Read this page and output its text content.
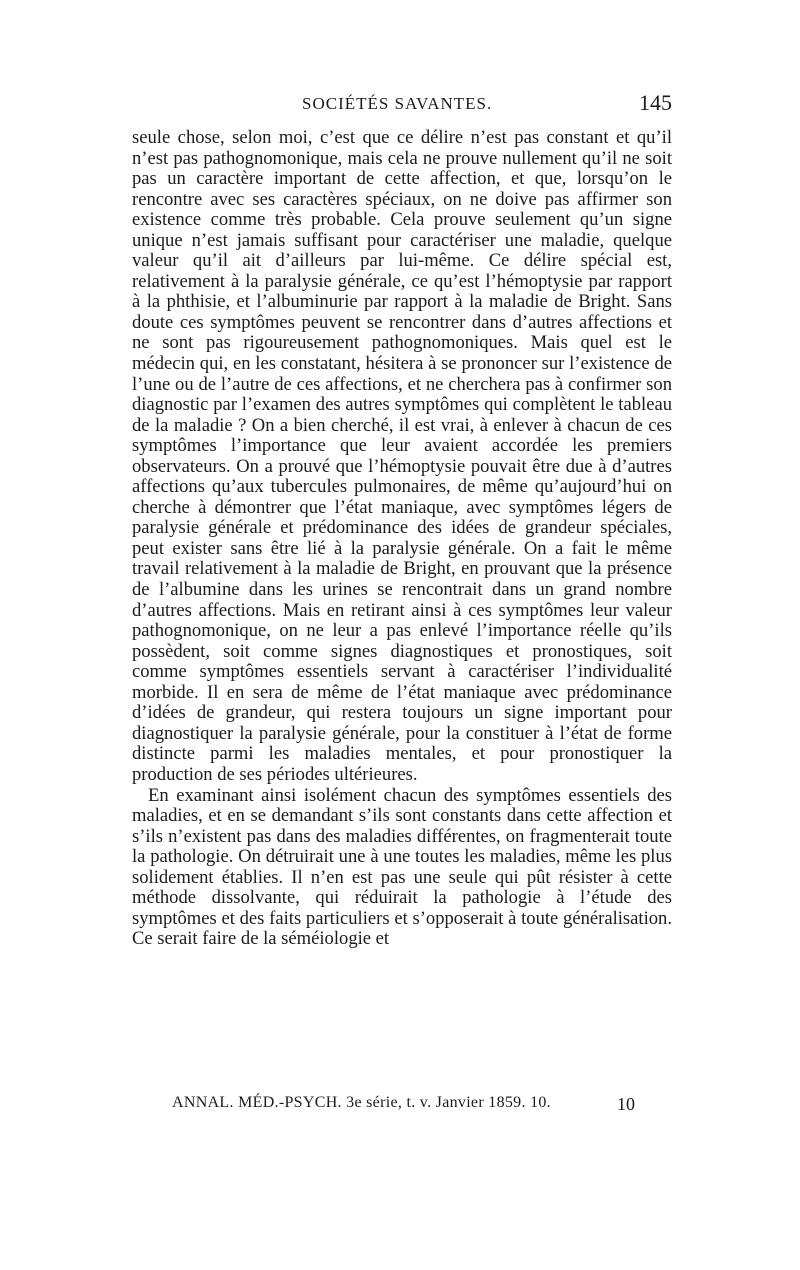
SOCIÉTÉS SAVANTES.	145

seule chose, selon moi, c’est que ce délire n’est pas constant et qu’il n’est pas pathognomonique, mais cela ne prouve nullement qu’il ne soit pas un caractère important de cette affection, et que, lorsqu’on le rencontre avec ses caractères spéciaux, on ne doive pas affirmer son existence comme très probable. Cela prouve seulement qu’un signe unique n’est jamais suffisant pour caractériser une maladie, quelque valeur qu’il ait d’ailleurs par lui-même. Ce délire spécial est, relativement à la paralysie générale, ce qu’est l’hémoptysie par rapport à la phthisie, et l’albuminurie par rapport à la maladie de Bright. Sans doute ces symptômes peuvent se rencontrer dans d’autres affections et ne sont pas rigoureusement pathognomoniques. Mais quel est le médecin qui, en les constatant, hésitera à se prononcer sur l’existence de l’une ou de l’autre de ces affections, et ne cherchera pas à confirmer son diagnostic par l’examen des autres symptômes qui complètent le tableau de la maladie ? On a bien cherché, il est vrai, à enlever à chacun de ces symptômes l’importance que leur avaient accordée les premiers observateurs. On a prouvé que l’hémoptysie pouvait être due à d’autres affections qu’aux tubercules pulmonaires, de même qu’aujourd’hui on cherche à démontrer que l’état maniaque, avec symptômes légers de paralysie générale et prédominance des idées de grandeur spéciales, peut exister sans être lié à la paralysie générale. On a fait le même travail relativement à la maladie de Bright, en prouvant que la présence de l’albumine dans les urines se rencontrait dans un grand nombre d’autres affections. Mais en retirant ainsi à ces symptômes leur valeur pathognomonique, on ne leur a pas enlevé l’importance réelle qu’ils possèdent, soit comme signes diagnostiques et pronostiques, soit comme symptômes essentiels servant à caractériser l’individualité morbide. Il en sera de même de l’état maniaque avec prédominance d’idées de grandeur, qui restera toujours un signe important pour diagnostiquer la paralysie générale, pour la constituer à l’état de forme distincte parmi les maladies mentales, et pour pronostiquer la production de ses périodes ultérieures.

En examinant ainsi isolément chacun des symptômes essentiels des maladies, et en se demandant s’ils sont constants dans cette affection et s’ils n’existent pas dans des maladies différentes, on fragmenterait toute la pathologie. On détruirait une à une toutes les maladies, même les plus solidement établies. Il n’en est pas une seule qui pût résister à cette méthode dissolvante, qui réduirait la pathologie à l’étude des symptômes et des faits particuliers et s’opposerait à toute généralisation. Ce serait faire de la séméiologie et

ANNAL. MÉD.-PSYCH. 3e série, t. v. Janvier 1859. 10.	10
